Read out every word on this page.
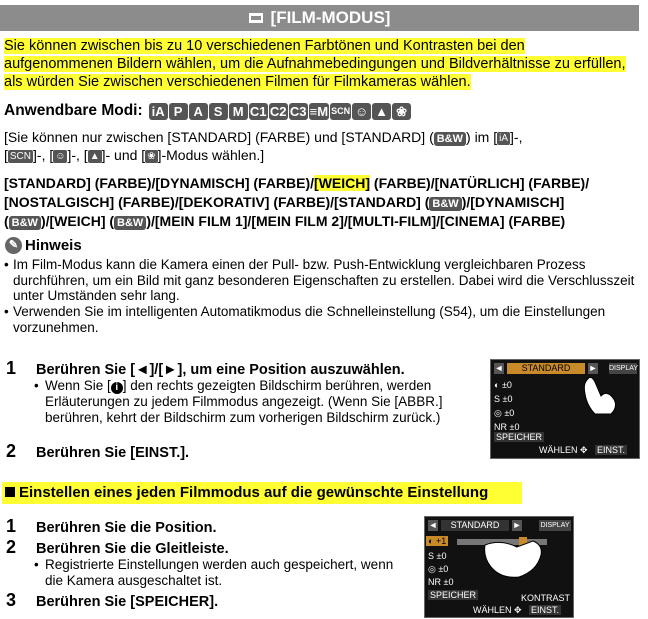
[FILM-MODUS]
Sie können zwischen bis zu 10 verschiedenen Farbtönen und Kontrasten bei den aufgenommenen Bildern wählen, um die Aufnahmebedingungen und Bildverhältnisse zu erfüllen, als würden Sie zwischen verschiedenen Filmen für Filmkameras wählen.
Anwendbare Modi: iA P A S M C1 C2 C3 ≡M SCN ☺ ▲ ❀
[Sie können nur zwischen [STANDARD] (FARBE) und [STANDARD] ( B&W ) im [ iA ]-,
[ SCN ]-, [ ☺ ]-, [ ▲ ]- und [ ❀ ]-Modus wählen.]
[STANDARD] (FARBE)/[DYNAMISCH] (FARBE)/[WEICH] (FARBE)/[NATÜRLICH] (FARBE)/
[NOSTALGISCH] (FARBE)/[DEKORATIV] (FARBE)/[STANDARD] ( B&W )/[DYNAMISCH]
( B&W )/[WEICH] ( B&W )/[MEIN FILM 1]/[MEIN FILM 2]/[MULTI-FILM]/[CINEMA] (FARBE)
✎ Hinweis
• Im Film-Modus kann die Kamera einen der Pull- bzw. Push-Entwicklung vergleichbaren Prozess durchführen, um ein Bild mit ganz besonderen Eigenschaften zu erstellen. Dabei wird die Verschlusszeit unter Umständen sehr lang.
• Verwenden Sie im intelligenten Automatikmodus die Schnelleinstellung (S54), um die Einstellungen vorzunehmen.
1 Berühren Sie [◄]/[►], um eine Position auszuwählen.
• Wenn Sie [ i ] den rechts gezeigten Bildschirm berühren, werden Erläuterungen zu jedem Filmmodus angezeigt. (Wenn Sie [ABBR.] berühren, kehrt der Bildschirm zum vorherigen Bildschirm zurück.)
2 Berühren Sie [EINST.].
◄	STANDARD	► DISPLAY
◐ ±0
S ±0
◎ ±0
NR ±0
SPEICHER
WÄHLEN ✥ EINST.
Einstellen eines jeden Filmmodus auf die gewünschte Einstellung
1 Berühren Sie die Position.
2 Berühren Sie die Gleitleiste.
• Registrierte Einstellungen werden auch gespeichert, wenn die Kamera ausgeschaltet ist.
3 Berühren Sie [SPEICHER].
◄	STANDARD	►	DISPLAY
◐ +1
S ±0
◎ ±0
NR ±0
SPEICHER	KONTRAST
WÄHLEN ✥ EINST.
